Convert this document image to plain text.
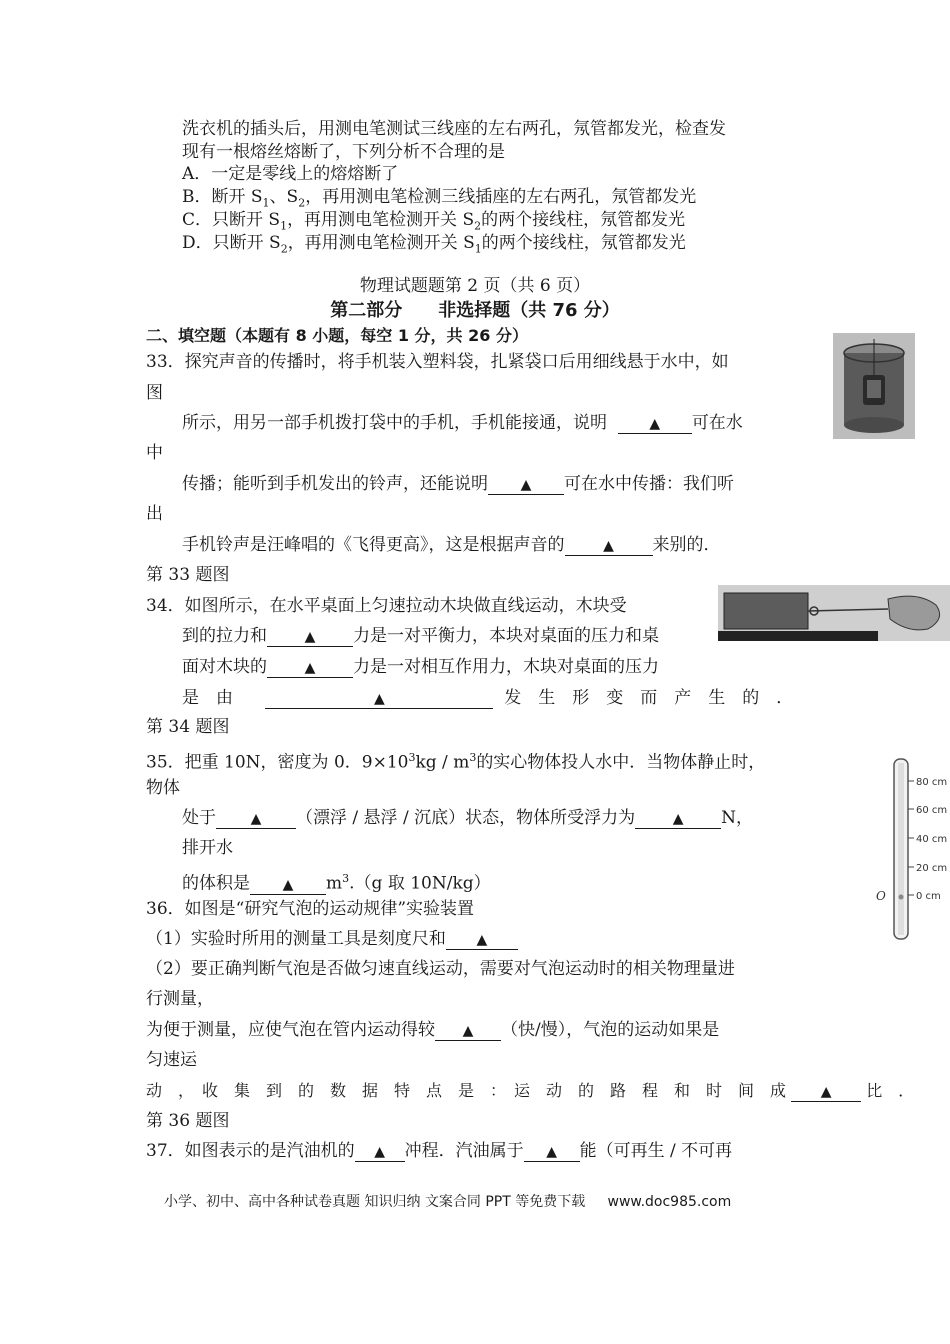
洗衣机的插头后，用测电笔测试三线座的左右两孔，氖管都发光，检查发
现有一根熔丝熔断了，下列分析不合理的是
A．一定是零线上的熔熔断了
B．断开 $S_1$、$S_2$，再用测电笔检测三线插座的左右两孔，氖管都发光
C．只断开 $S_1$，再用测电笔检测开关 $S_2$的两个接线柱，氖管都发光
D．只断开 $S_2$，再用测电笔检测开关 $S_1$的两个接线柱，氖管都发光
物理试题题第 2 页（共 6 页）
第二部分　　非选择题（共 76 分）
二、填空题（本题有 8 小题，每空 1 分，共 26 分）
33．探究声音的传播时，将手机装入塑料袋，扎紧袋口后用细线悬于水中，如
图
所示，用另一部手机拨打袋中的手机，手机能接通，说明	▲ 可在水
中
传播；能听到手机发出的铃声，还能说明 ▲ 可在水中传播：我们听
出
手机铃声是汪峰唱的《飞得更高》，这是根据声音的	▲ 来别的．
第 33 题图
34．如图所示，在水平桌面上匀速拉动木块做直线运动，木块受
到的拉力和	▲ 力是一对平衡力，本块对桌面的压力和桌
面对木块的	▲ 力是一对相互作用力，木块对桌面的压力
是　由	▲	发　生　形　变　而　产　生　的　．
第 34 题图
35．把重 10N，密度为 0．$9\times 10^3kg / m^3$的实心物体投人水中．当物体静止时，
物体
处于 ▲ （漂浮 / 悬浮 / 沉底）状态，物体所受浮力为	▲ N，
排开水
的体积是 ▲ $m^3.(g$ 取 10N/kg）
36．如图是“研究气泡的运动规律”实验装置
（1）实验时所用的测量工具是刻度尺和 ▲
（2）要正确判断气泡是否做匀速直线运动，需要对气泡运动时的相关物理量进
行测量，
为便于测量，应使气泡在管内运动得较 ▲ （快/慢），气泡的运动如果是
匀速运
动　，　收　集　到　的　数　据　特　点　是　：　运　动　的　路　程　和　时　间　成 ▲ 比　．
第 36 题图
80 cm
60 cm
40 cm
20 cm
0 cm
O
37．如图表示的是汽油机的 ▲ 冲程．汽油属于 ▲ 能（可再生 / 不可再
小学、初中、高中各种试卷真题 知识归纳 文案合同 PPT 等免费下载 www.doc985.com
